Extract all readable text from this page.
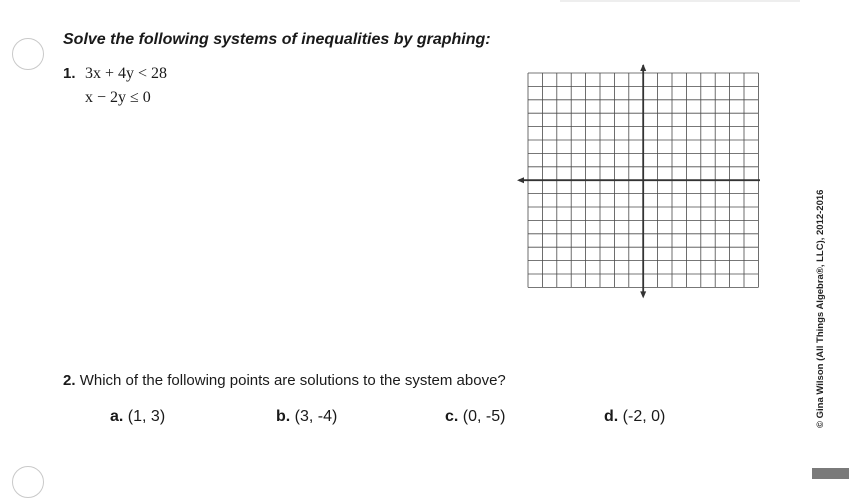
Solve the following systems of inequalities by graphing:
1. 3x + 4y < 28
x − 2y ≤ 0
2. Which of the following points are solutions to the system above?
a. (1, 3)	b. (3, -4)	c. (0, -5)	d. (-2, 0)	© Gina Wilson (All Things Algebra®, LLC), 2012-2016
